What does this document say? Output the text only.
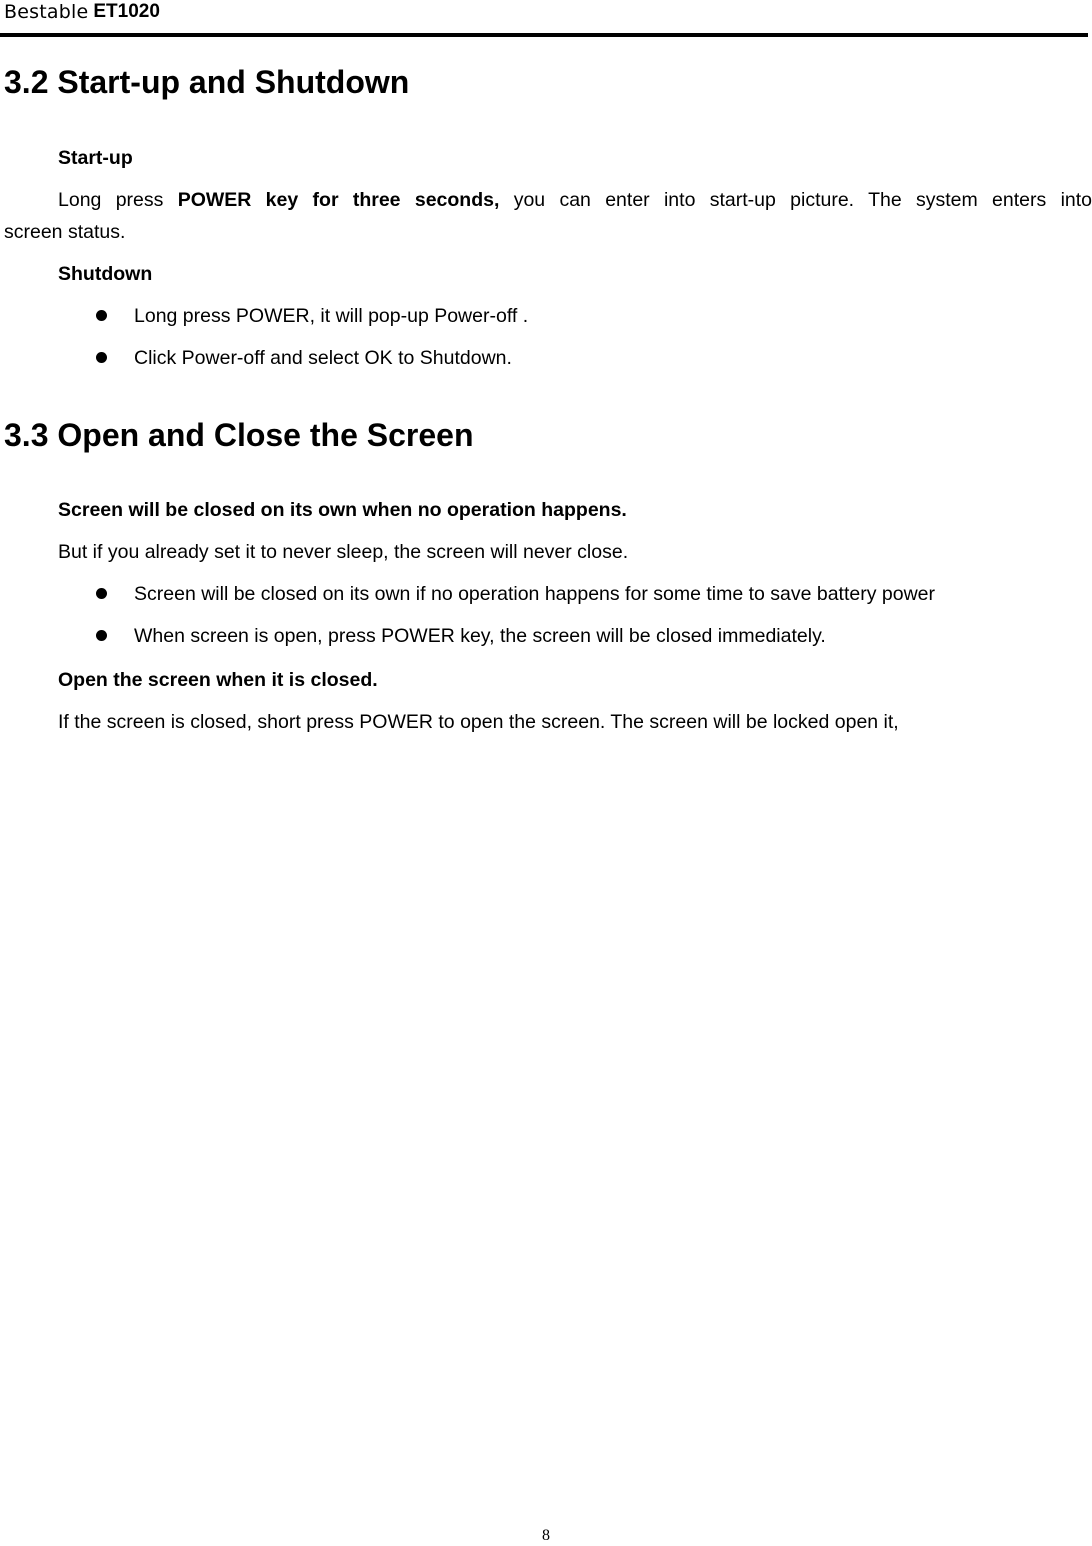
Bestable ET1020
3.2 Start-up and Shutdown
Start-up
Long press POWER key for three seconds, you can enter into start-up picture. The system enters into
screen status.
Shutdown
Long press POWER, it will pop-up Power-off .
Click Power-off and select OK to Shutdown.
3.3 Open and Close the Screen
Screen will be closed on its own when no operation happens.
But if you already set it to never sleep, the screen will never close.
Screen will be closed on its own if no operation happens for some time to save battery power
When screen is open, press POWER key, the screen will be closed immediately.
Open the screen when it is closed.
If the screen is closed, short press POWER to open the screen. The screen will be locked open it,
8
